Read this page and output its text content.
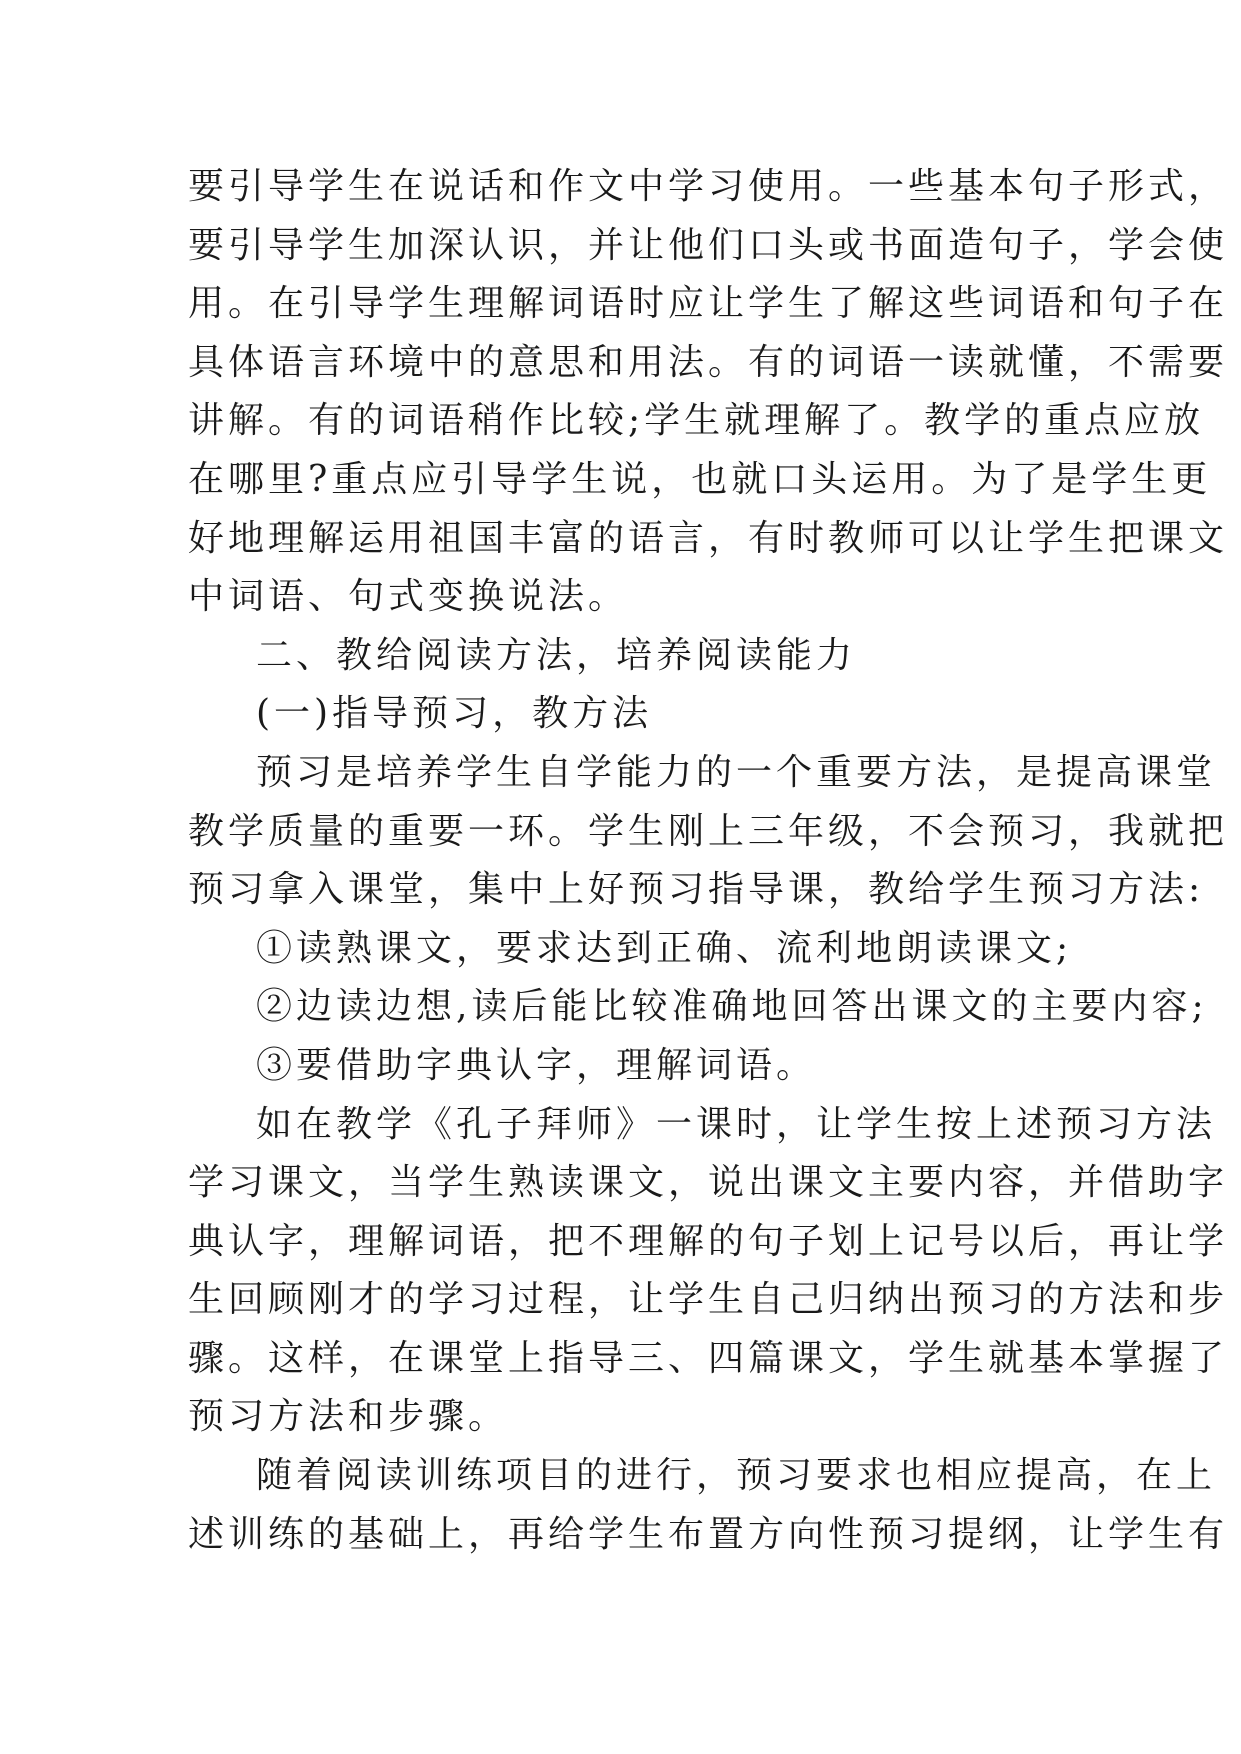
要引导学生在说话和作文中学习使用。一些基本句子形式，
要引导学生加深认识，并让他们口头或书面造句子，学会使
用。在引导学生理解词语时应让学生了解这些词语和句子在
具体语言环境中的意思和用法。有的词语一读就懂，不需要
讲解。有的词语稍作比较;学生就理解了。教学的重点应放
在哪里?重点应引导学生说，也就口头运用。为了是学生更
好地理解运用祖国丰富的语言，有时教师可以让学生把课文
中词语、句式变换说法。
二、教给阅读方法，培养阅读能力
(一)指导预习，教方法
预习是培养学生自学能力的一个重要方法，是提高课堂
教学质量的重要一环。学生刚上三年级，不会预习，我就把
预习拿入课堂，集中上好预习指导课，教给学生预习方法:
①读熟课文，要求达到正确、流利地朗读课文;
②边读边想,读后能比较准确地回答出课文的主要内容;
③要借助字典认字，理解词语。
如在教学《孔子拜师》一课时，让学生按上述预习方法
学习课文，当学生熟读课文，说出课文主要内容，并借助字
典认字，理解词语，把不理解的句子划上记号以后，再让学
生回顾刚才的学习过程，让学生自己归纳出预习的方法和步
骤。这样，在课堂上指导三、四篇课文，学生就基本掌握了
预习方法和步骤。
随着阅读训练项目的进行，预习要求也相应提高，在上
述训练的基础上，再给学生布置方向性预习提纲，让学生有
